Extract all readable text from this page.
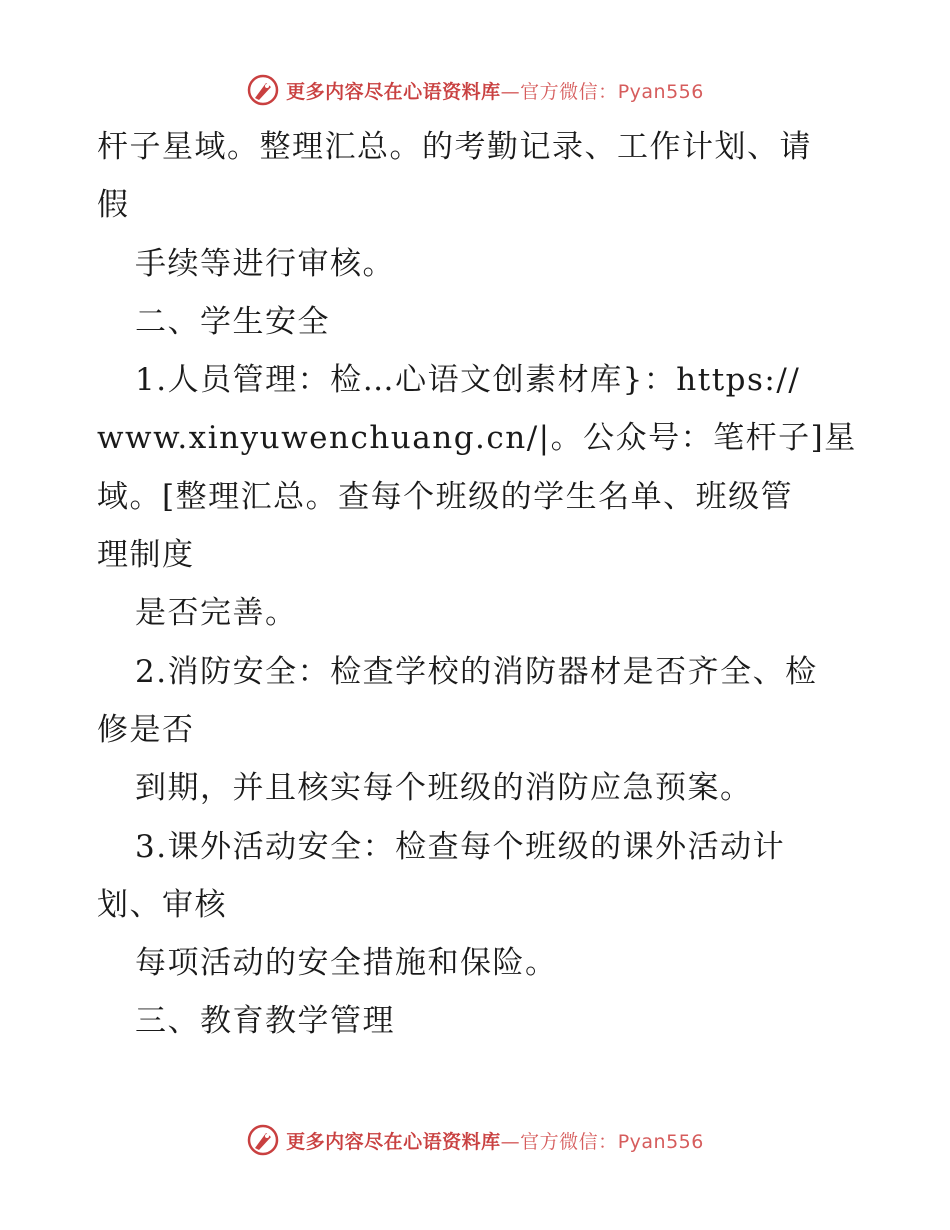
更多内容尽在心语资料库—官方微信：Pyan556
杆子星域。整理汇总。的考勤记录、工作计划、请
假
手续等进行审核。
二、学生安全
1.人员管理：检…心语文创素材库}：https://
www.xinyuwenchuang.cn/|。公众号：笔杆子]星
域。[整理汇总。查每个班级的学生名单、班级管
理制度
是否完善。
2.消防安全：检查学校的消防器材是否齐全、检
修是否
到期，并且核实每个班级的消防应急预案。
3.课外活动安全：检查每个班级的课外活动计
划、审核
每项活动的安全措施和保险。
三、教育教学管理
更多内容尽在心语资料库—官方微信：Pyan556
